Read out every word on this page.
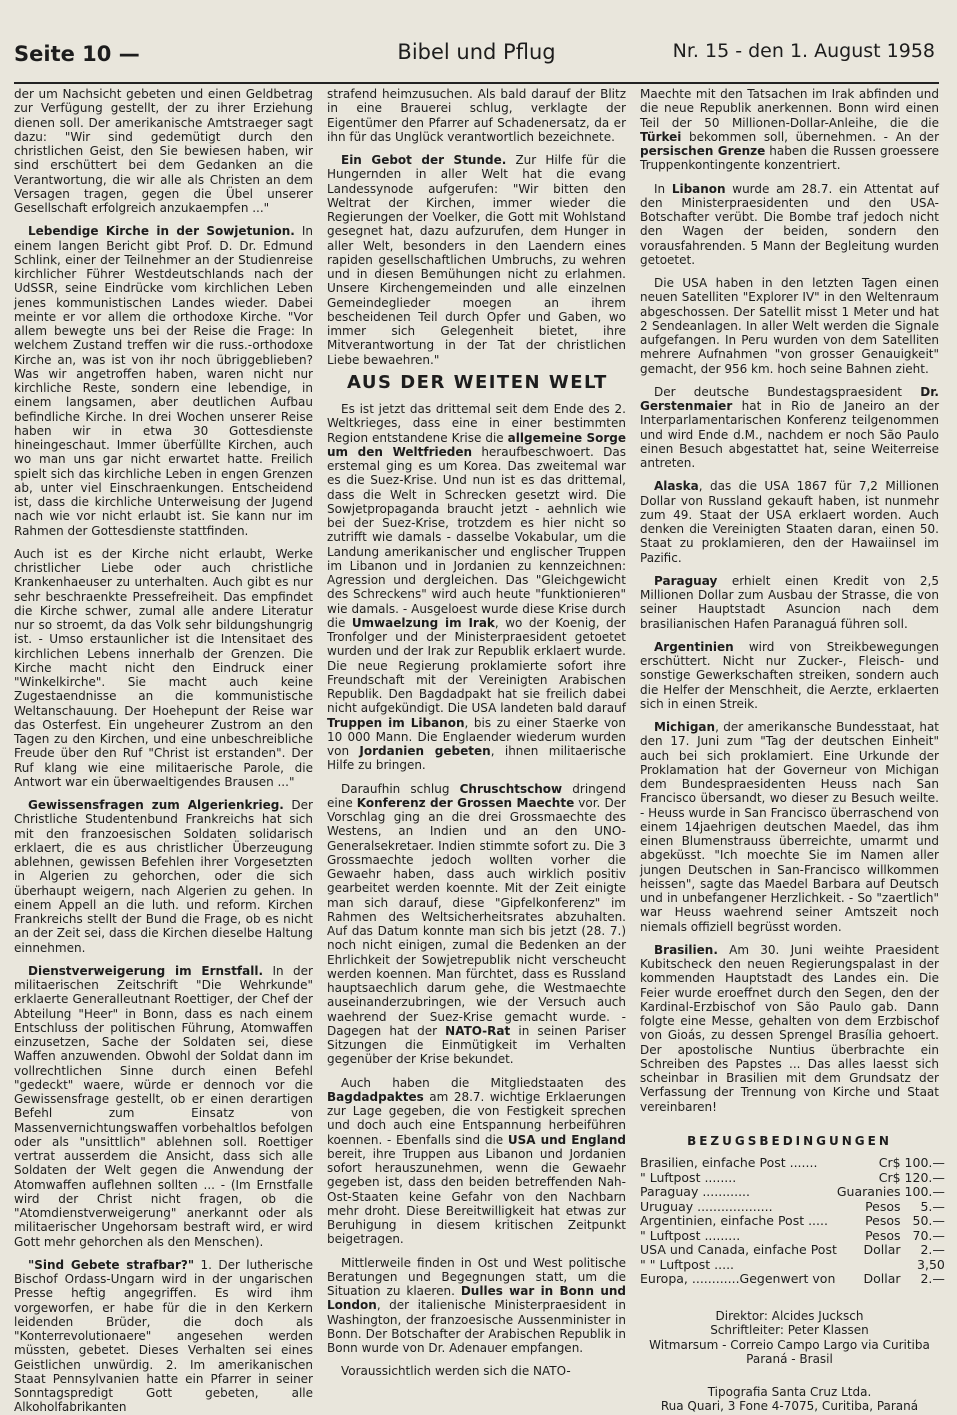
Seite 10 —	Bibel und Pflug	Nr. 15 - den 1. August 1958

der um Nachsicht gebeten und einen Geldbetrag zur Verfügung gestellt, der zu ihrer Erziehung dienen soll. Der amerikanische Amtstraeger sagt dazu: "Wir sind gedemütigt durch den christlichen Geist, den Sie bewiesen haben, wir sind erschüttert bei dem Gedanken an die Verantwortung, die wir alle als Christen an dem Versagen tragen, gegen die Übel unserer Gesellschaft erfolgreich anzukaempfen ..."

Lebendige Kirche in der Sowjetunion. In einem langen Bericht gibt Prof. D. Dr. Edmund Schlink, einer der Teilnehmer an der Studienreise kirchlicher Führer Westdeutschlands nach der UdSSR, seine Eindrücke vom kirchlichen Leben jenes kommunistischen Landes wieder. Dabei meinte er vor allem die orthodoxe Kirche. "Vor allem bewegte uns bei der Reise die Frage: In welchem Zustand treffen wir die russ.-orthodoxe Kirche an, was ist von ihr noch übriggeblieben? Was wir angetroffen haben, waren nicht nur kirchliche Reste, sondern eine lebendige, in einem langsamen, aber deutlichen Aufbau befindliche Kirche. In drei Wochen unserer Reise haben wir in etwa 30 Gottesdienste hineingeschaut. Immer überfüllte Kirchen, auch wo man uns gar nicht erwartet hatte. Freilich spielt sich das kirchliche Leben in engen Grenzen ab, unter viel Einschraenkungen. Entscheidend ist, dass die kirchliche Unterweisung der Jugend nach wie vor nicht erlaubt ist. Sie kann nur im Rahmen der Gottesdienste stattfinden.

Auch ist es der Kirche nicht erlaubt, Werke christlicher Liebe oder auch christliche Krankenhaeuser zu unterhalten. Auch gibt es nur sehr beschraenkte Pressefreiheit. Das empfindet die Kirche schwer, zumal alle andere Literatur nur so stroemt, da das Volk sehr bildungshungrig ist. - Umso erstaunlicher ist die Intensitaet des kirchlichen Lebens innerhalb der Grenzen. Die Kirche macht nicht den Eindruck einer "Winkelkirche". Sie macht auch keine Zugestaendnisse an die kommunistische Weltanschauung. Der Hoehepunt der Reise war das Osterfest. Ein ungeheurer Zustrom an den Tagen zu den Kirchen, und eine unbeschreibliche Freude über den Ruf "Christ ist erstanden". Der Ruf klang wie eine militaerische Parole, die Antwort war ein überwaeltigendes Brausen ..."

Gewissensfragen zum Algerienkrieg. Der Christliche Studentenbund Frankreichs hat sich mit den franzoesischen Soldaten solidarisch erklaert, die es aus christlicher Überzeugung ablehnen, gewissen Befehlen ihrer Vorgesetzten in Algerien zu gehorchen, oder die sich überhaupt weigern, nach Algerien zu gehen. In einem Appell an die luth. und reform. Kirchen Frankreichs stellt der Bund die Frage, ob es nicht an der Zeit sei, dass die Kirchen dieselbe Haltung einnehmen.

Dienstverweigerung im Ernstfall. In der militaerischen Zeitschrift "Die Wehrkunde" erklaerte Generalleutnant Roettiger, der Chef der Abteilung "Heer" in Bonn, dass es nach einem Entschluss der politischen Führung, Atomwaffen einzusetzen, Sache der Soldaten sei, diese Waffen anzuwenden. Obwohl der Soldat dann im vollrechtlichen Sinne durch einen Befehl "gedeckt" waere, würde er dennoch vor die Gewissensfrage gestellt, ob er einen derartigen Befehl zum Einsatz von Massenvernichtungswaffen vorbehaltlos befolgen oder als "unsittlich" ablehnen soll. Roettiger vertrat ausserdem die Ansicht, dass sich alle Soldaten der Welt gegen die Anwendung der Atomwaffen auflehnen sollten ... - (Im Ernstfalle wird der Christ nicht fragen, ob die "Atomdienstverweigerung" anerkannt oder als militaerischer Ungehorsam bestraft wird, er wird Gott mehr gehorchen als den Menschen).

"Sind Gebete strafbar?" 1. Der lutherische Bischof Ordass-Ungarn wird in der ungarischen Presse heftig angegriffen. Es wird ihm vorgeworfen, er habe für die in den Kerkern leidenden Brüder, die doch als "Konterrevolutionaere" angesehen werden müssten, gebetet. Dieses Verhalten sei eines Geistlichen unwürdig. 2. Im amerikanischen Staat Pennsylvanien hatte ein Pfarrer in seiner Sonntagspredigt Gott gebeten, alle Alkoholfabrikanten

strafend heimzusuchen. Als bald darauf der Blitz in eine Brauerei schlug, verklagte der Eigentümer den Pfarrer auf Schadenersatz, da er ihn für das Unglück verantwortlich bezeichnete.

Ein Gebot der Stunde. Zur Hilfe für die Hungernden in aller Welt hat die evang Landessynode aufgerufen: "Wir bitten den Weltrat der Kirchen, immer wieder die Regierungen der Voelker, die Gott mit Wohlstand gesegnet hat, dazu aufzurufen, dem Hunger in aller Welt, besonders in den Laendern eines rapiden gesellschaftlichen Umbruchs, zu wehren und in diesen Bemühungen nicht zu erlahmen. Unsere Kirchengemeinden und alle einzelnen Gemeindeglieder moegen an ihrem bescheidenen Teil durch Opfer und Gaben, wo immer sich Gelegenheit bietet, ihre Mitverantwortung in der Tat der christlichen Liebe bewaehren."

AUS DER WEITEN WELT

Es ist jetzt das drittemal seit dem Ende des 2. Weltkrieges, dass eine in einer bestimmten Region entstandene Krise die allgemeine Sorge um den Weltfrieden heraufbeschwoert. Das erstemal ging es um Korea. Das zweitemal war es die Suez-Krise. Und nun ist es das drittemal, dass die Welt in Schrecken gesetzt wird. Die Sowjetpropaganda braucht jetzt - aehnlich wie bei der Suez-Krise, trotzdem es hier nicht so zutrifft wie damals - dasselbe Vokabular, um die Landung amerikanischer und englischer Truppen im Libanon und in Jordanien zu kennzeichnen: Agression und dergleichen. Das "Gleichgewicht des Schreckens" wird auch heute "funktionieren" wie damals. - Ausgeloest wurde diese Krise durch die Umwaelzung im Irak, wo der Koenig, der Tronfolger und der Ministerpraesident getoetet wurden und der Irak zur Republik erklaert wurde. Die neue Regierung proklamierte sofort ihre Freundschaft mit der Vereinigten Arabischen Republik. Den Bagdadpakt hat sie freilich dabei nicht aufgekündigt. Die USA landeten bald darauf Truppen im Libanon, bis zu einer Staerke von 10 000 Mann. Die Englaender wiederum wurden von Jordanien gebeten, ihnen militaerische Hilfe zu bringen.

Daraufhin schlug Chruschtschow dringend eine Konferenz der Grossen Maechte vor. Der Vorschlag ging an die drei Grossmaechte des Westens, an Indien und an den UNO-Generalsekretaer. Indien stimmte sofort zu. Die 3 Grossmaechte jedoch wollten vorher die Gewaehr haben, dass auch wirklich positiv gearbeitet werden koennte. Mit der Zeit einigte man sich darauf, diese "Gipfelkonferenz" im Rahmen des Weltsicherheitsrates abzuhalten. Auf das Datum konnte man sich bis jetzt (28. 7.) noch nicht einigen, zumal die Bedenken an der Ehrlichkeit der Sowjetrepublik nicht verscheucht werden koennen. Man fürchtet, dass es Russland hauptsaechlich darum gehe, die Westmaechte auseinanderzubringen, wie der Versuch auch waehrend der Suez-Krise gemacht wurde. - Dagegen hat der NATO-Rat in seinen Pariser Sitzungen die Einmütigkeit im Verhalten gegenüber der Krise bekundet.

Auch haben die Mitgliedstaaten des Bagdadpaktes am 28.7. wichtige Erklaerungen zur Lage gegeben, die von Festigkeit sprechen und doch auch eine Entspannung herbeiführen koennen. - Ebenfalls sind die USA und England bereit, ihre Truppen aus Libanon und Jordanien sofort herauszunehmen, wenn die Gewaehr gegeben ist, dass den beiden betreffenden Nah-Ost-Staaten keine Gefahr von den Nachbarn mehr droht. Diese Bereitwilligkeit hat etwas zur Beruhigung in diesem kritischen Zeitpunkt beigetragen.

Mittlerweile finden in Ost und West politische Beratungen und Begegnungen statt, um die Situation zu klaeren. Dulles war in Bonn und London, der italienische Ministerpraesident in Washington, der franzoesische Aussenminister in Bonn. Der Botschafter der Arabischen Republik in Bonn wurde von Dr. Adenauer empfangen.

Voraussichtlich werden sich die NATO-

Maechte mit den Tatsachen im Irak abfinden und die neue Republik anerkennen. Bonn wird einen Teil der 50 Millionen-Dollar-Anleihe, die die Türkei bekommen soll, übernehmen. - An der persischen Grenze haben die Russen groessere Truppenkontingente konzentriert.

In Libanon wurde am 28.7. ein Attentat auf den Ministerpraesidenten und den USA-Botschafter verübt. Die Bombe traf jedoch nicht den Wagen der beiden, sondern den vorausfahrenden. 5 Mann der Begleitung wurden getoetet.

Die USA haben in den letzten Tagen einen neuen Satelliten "Explorer IV" in den Weltenraum abgeschossen. Der Satellit misst 1 Meter und hat 2 Sendeanlagen. In aller Welt werden die Signale aufgefangen. In Peru wurden von dem Satelliten mehrere Aufnahmen "von grosser Genauigkeit" gemacht, der 956 km. hoch seine Bahnen zieht.

Der deutsche Bundestagspraesident Dr. Gerstenmaier hat in Rio de Janeiro an der Interparlamentarischen Konferenz teilgenommen und wird Ende d.M., nachdem er noch São Paulo einen Besuch abgestattet hat, seine Weiterreise antreten.

Alaska, das die USA 1867 für 7,2 Millionen Dollar von Russland gekauft haben, ist nunmehr zum 49. Staat der USA erklaert worden. Auch denken die Vereinigten Staaten daran, einen 50. Staat zu proklamieren, den der Hawaiinsel im Pazific.

Paraguay erhielt einen Kredit von 2,5 Millionen Dollar zum Ausbau der Strasse, die von seiner Hauptstadt Asuncion nach dem brasilianischen Hafen Paranaguá führen soll.

Argentinien wird von Streikbewegungen erschüttert. Nicht nur Zucker-, Fleisch- und sonstige Gewerkschaften streiken, sondern auch die Helfer der Menschheit, die Aerzte, erklaerten sich in einen Streik.

Michigan, der amerikansche Bundesstaat, hat den 17. Juni zum "Tag der deutschen Einheit" auch bei sich proklamiert. Eine Urkunde der Proklamation hat der Governeur von Michigan dem Bundespraesidenten Heuss nach San Francisco übersandt, wo dieser zu Besuch weilte. - Heuss wurde in San Francisco überraschend von einem 14jaehrigen deutschen Maedel, das ihm einen Blumenstrauss überreichte, umarmt und abgeküsst. "Ich moechte Sie im Namen aller jungen Deutschen in San-Francisco willkommen heissen", sagte das Maedel Barbara auf Deutsch und in unbefangener Herzlichkeit. - So "zaertlich" war Heuss waehrend seiner Amtszeit noch niemals offiziell begrüsst worden.

Brasilien. Am 30. Juni weihte Praesident Kubitscheck den neuen Regierungspalast in der kommenden Hauptstadt des Landes ein. Die Feier wurde eroeffnet durch den Segen, den der Kardinal-Erzbischof von São Paulo gab. Dann folgte eine Messe, gehalten von dem Erzbischof von Gioás, zu dessen Sprengel Brasília gehoert. Der apostolische Nuntius überbrachte ein Schreiben des Papstes ... Das alles laesst sich scheinbar in Brasilien mit dem Grundsatz der Verfassung der Trennung von Kirche und Staat vereinbaren!

BEZUGSBEDINGUNGEN
Brasilien, einfache Post .......	Cr$	100.—
" Luftpost ........	Cr$	120.—
Paraguay ............	Guaranies	100.—
Uruguay ...................	Pesos	5.—
Argentinien, einfache Post .....	Pesos	50.—
" Luftpost .........	Pesos	70.—
USA und Canada, einfache Post	Dollar	2.—
" " Luftpost .....		3,50
Europa, ............Gegenwert von	Dollar	2.—
Direktor: Alcides Jucksch
Schriftleiter: Peter Klassen
Witmarsum - Correio Campo Largo via Curitiba
Paraná - Brasil
Tipografia Santa Cruz Ltda.
Rua Quari, 3 Fone 4-7075, Curitiba, Paraná
